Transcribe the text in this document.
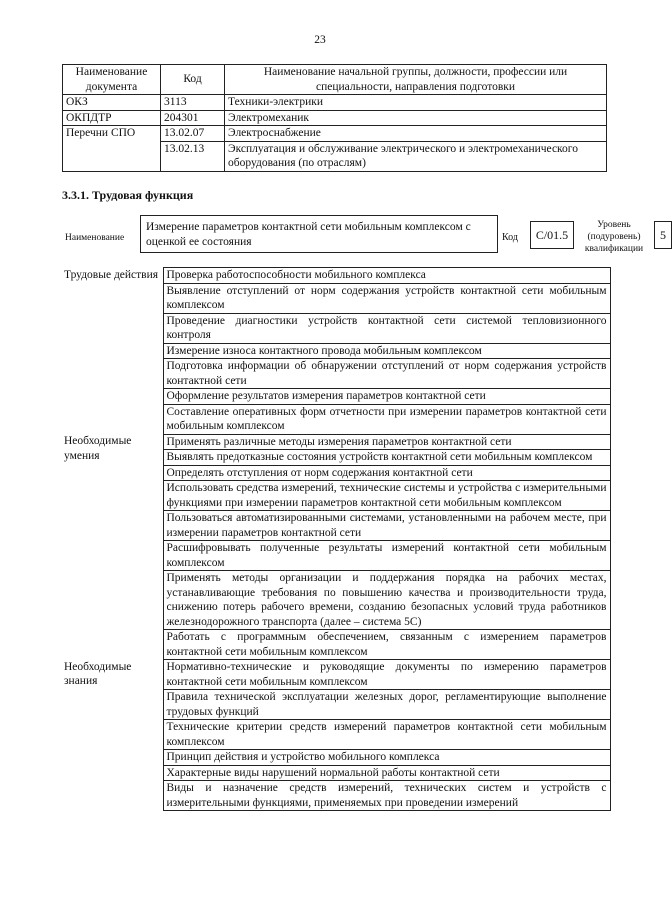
23
Наименование документа	Код	Наименование начальной группы, должности, профессии или специальности, направления подготовки
ОКЗ	3113	Техники-электрики
ОКПДТР	204301	Электромеханик
Перечни СПО	13.02.07	Электроснабжение
	13.02.13	Эксплуатация и обслуживание электрического и электромеханического оборудования (по отраслям)
3.3.1. Трудовая функция
Наименование
Измерение параметров контактной сети мобильным комплексом с оценкой ее состояния	Код	C/01.5
Уровень (подуровень) квалификации
5
Трудовые действия	Проверка работоспособности мобильного комплекса
	Выявление отступлений от норм содержания устройств контактной сети мобильным комплексом
	Проведение диагностики устройств контактной сети системой тепловизионного контроля
	Измерение износа контактного провода мобильным комплексом
	Подготовка информации об обнаружении отступлений от норм содержания устройств контактной сети
	Оформление результатов измерения параметров контактной сети
	Составление оперативных форм отчетности при измерении параметров контактной сети мобильным комплексом
Необходимые умения	Применять различные методы измерения параметров контактной сети
	Выявлять предотказные состояния устройств контактной сети мобильным комплексом
	Определять отступления от норм содержания контактной сети
	Использовать средства измерений, технические системы и устройства с измерительными функциями при измерении параметров контактной сети мобильным комплексом
	Пользоваться автоматизированными системами, установленными на рабочем месте, при измерении параметров контактной сети
	Расшифровывать полученные результаты измерений контактной сети мобильным комплексом
	Применять методы организации и поддержания порядка на рабочих местах, устанавливающие требования по повышению качества и производительности труда, снижению потерь рабочего времени, созданию безопасных условий труда работников железнодорожного транспорта (далее – система 5С)
	Работать с программным обеспечением, связанным с измерением параметров контактной сети мобильным комплексом
Необходимые знания	Нормативно-технические и руководящие документы по измерению параметров контактной сети мобильным комплексом
	Правила технической эксплуатации железных дорог, регламентирующие выполнение трудовых функций
	Технические критерии средств измерений параметров контактной сети мобильным комплексом
	Принцип действия и устройство мобильного комплекса
	Характерные виды нарушений нормальной работы контактной сети
	Виды и назначение средств измерений, технических систем и устройств с измерительными функциями, применяемых при проведении измерений
